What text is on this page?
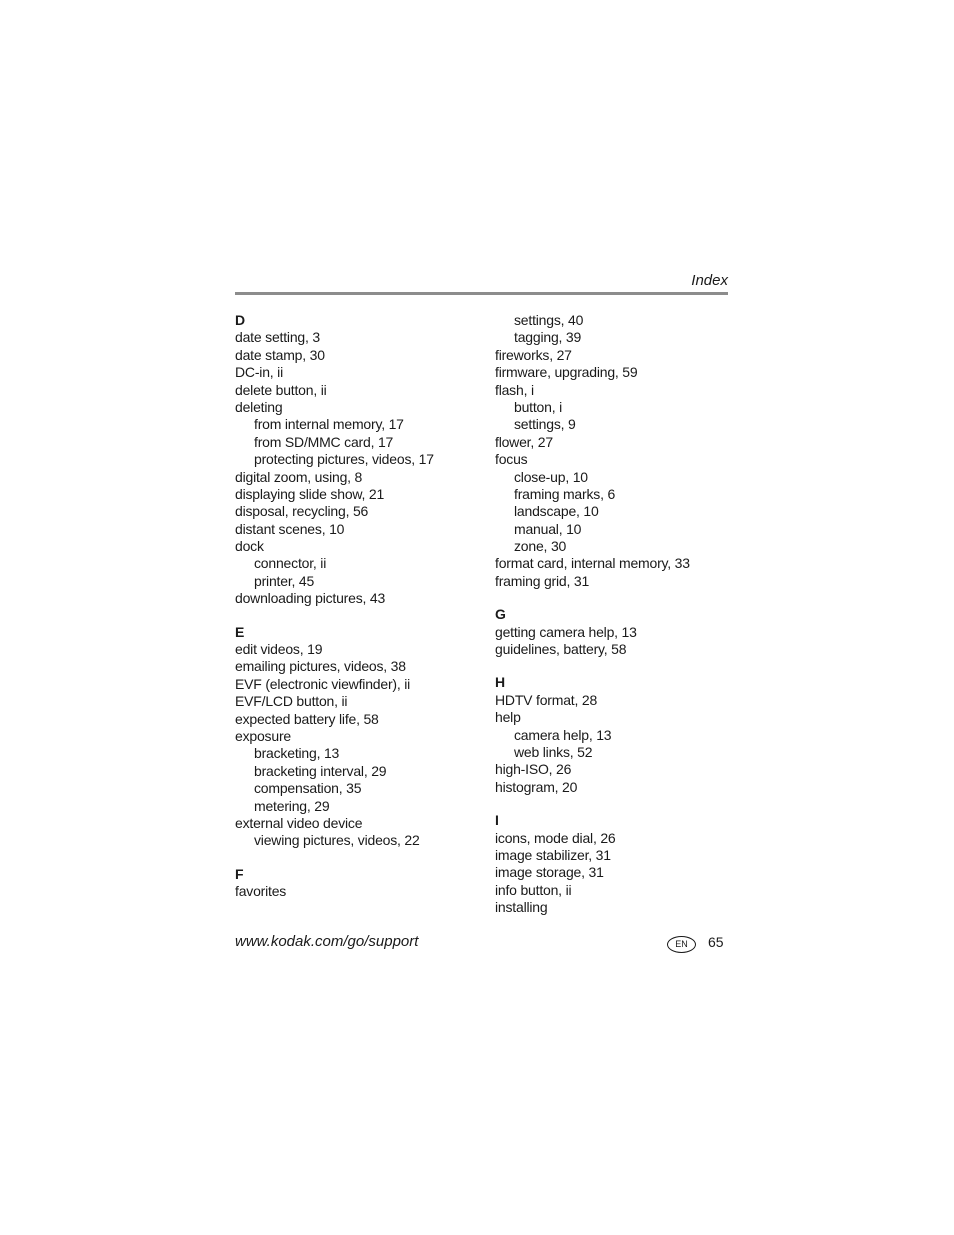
Index
D
date setting, 3
date stamp, 30
DC-in, ii
delete button, ii
deleting
from internal memory, 17
from SD/MMC card, 17
protecting pictures, videos, 17
digital zoom, using, 8
displaying slide show, 21
disposal, recycling, 56
distant scenes, 10
dock
connector, ii
printer, 45
downloading pictures, 43
E
edit videos, 19
emailing pictures, videos, 38
EVF (electronic viewfinder), ii
EVF/LCD button, ii
expected battery life, 58
exposure
bracketing, 13
bracketing interval, 29
compensation, 35
metering, 29
external video device
viewing pictures, videos, 22
F
favorites
settings, 40
tagging, 39
fireworks, 27
firmware, upgrading, 59
flash, i
button, i
settings, 9
flower, 27
focus
close-up, 10
framing marks, 6
landscape, 10
manual, 10
zone, 30
format card, internal memory, 33
framing grid, 31
G
getting camera help, 13
guidelines, battery, 58
H
HDTV format, 28
help
camera help, 13
web links, 52
high-ISO, 26
histogram, 20
I
icons, mode dial, 26
image stabilizer, 31
image storage, 31
info button, ii
installing
www.kodak.com/go/support	EN	65
